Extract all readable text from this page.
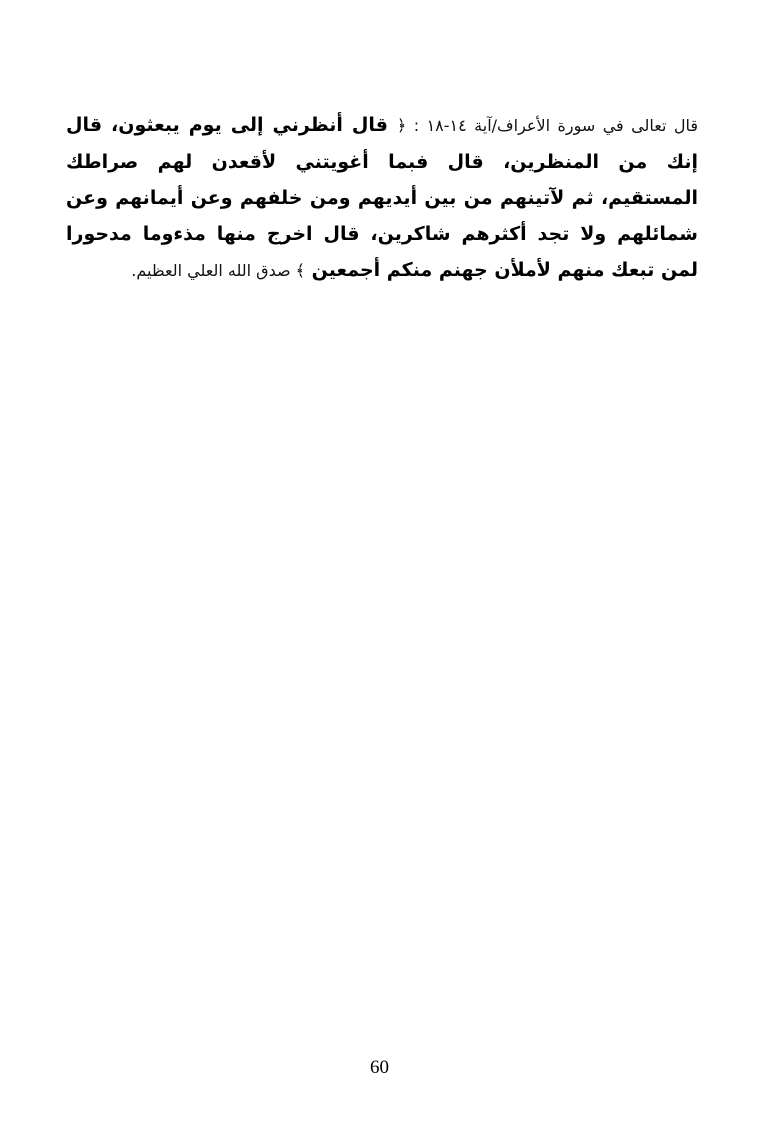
قال تعالى في سورة الأعراف/آية ١٤-١٨ : ﴿ قال أنظرني إلى يوم يبعثون، قال إنك من المنظرين، قال فبما أغويتني لأقعدن لهم صراطك المستقيم، ثم لآتينهم من بين أيديهم ومن خلفهم وعن أيمانهم وعن شمائلهم ولا تجد أكثرهم شاكرين، قال اخرج منها مذءوما مدحورا لمن تبعك منهم لأملأن جهنم منكم أجمعين ﴾ صدق الله العلي العظيم.

60
